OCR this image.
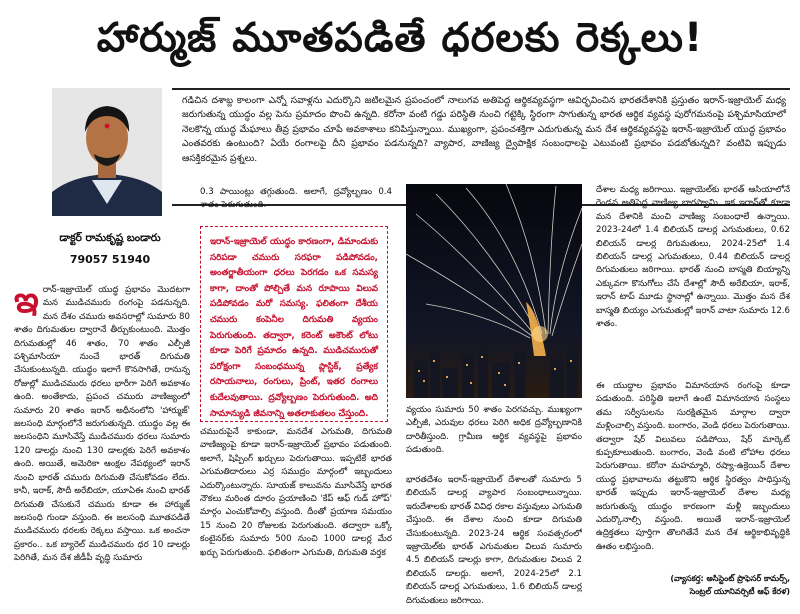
హార్ముజ్ మూతపడితే ధరలకు రెక్కలు!
డాక్టర్ రామకృష్ణ బండారు
79057 51940
గడిచిన దశాబ్ద కాలంగా ఎన్నో సవాళ్లను ఎదుర్కొని జటిలమైన ప్రపంచంలో నాలుగవ అతిపెద్ద ఆర్థికవ్యవస్థగా ఆవిర్భవించిన భారతదేశానికి ప్రస్తుతం ఇరాన్-ఇజ్రాయెల్ మధ్య జరుగుతున్న యుద్ధం వల్ల పెను ప్రమాదం పొంచి ఉన్నది. కరోనా వంటి గడ్డు పరిస్థితి నుంచి గట్టెక్కి స్థిరంగా సాగుతున్న భారత ఆర్థిక వ్యవస్థ పురోగమనంపై పశ్చిమాసియాలో నెలకొన్న యుద్ధ మేఘాలు తీవ్ర ప్రభావం చూపే అవకాశాలు కనిపిస్తున్నాయి. ముఖ్యంగా, ప్రపంచశక్తిగా ఎదుగుతున్న మన దేశ ఆర్థికవ్యవస్థపై ఇరాన్-ఇజ్రాయెల్ యుద్ధ ప్రభావం ఎంతవరకు ఉంటుంది? ఏయే రంగాలపై దీని ప్రభావం పడనున్నది? వ్యాపార, వాణిజ్య ద్వైపాక్షిక సంబంధాలపై ఎటువంటి ప్రభావం పడబోతున్నది? వంటివి ఇప్పుడు ఆసక్తికరమైన ప్రశ్నలు.
ఇ రాన్-ఇజ్రాయెల్ యుద్ధ ప్రభావం మొదటగా మన ముడిచమురు రంగంపై పడనున్నది. మన దేశం చమురు అవసరాల్లో సుమారు 80 శాతం దిగుమతుల ద్వారానే తీర్చుకుంటుంది. మొత్తం దిగుమతుల్లో 46 శాతం, 70 శాతం ఎల్పీజీ పశ్చిమాసియా నుంచే భారత్ దిగుమతి చేసుకుంటున్నది. యుద్ధం ఇలాగే కొనసాగితే, రానున్న రోజుల్లో ముడిచమురు ధరలు భారీగా పెరిగే అవకాశం ఉంది. అంతేకాదు, ప్రపంచ చమురు వాణిజ్యంలో సుమారు 20 శాతం ఇరాన్ అధీనంలోని 'హార్ముజ్' జలసంధి మార్గంలోనే జరుగుతున్నది. యుద్ధం వల్ల ఈ జలసంధిని మూసివేస్తే ముడిచమురు ధరలు సుమారు 120 డాలర్లు నుంచి 130 డాలర్లకు పెరిగే అవకాశం ఉంది. అయితే, అమెరికా ఆంక్షల నేపథ్యంలో ఇరాన్ నుంచి భారత్ చమురు దిగుమతి చేసుకోవడం లేదు. కానీ, ఇరాక్, సౌదీ అరేబియా, యూఏఈ నుంచి భారత్ దిగుమతి చేసుకునే చమురు కూడా ఈ హార్ముజ్ జలసంధి గుండా వస్తుంది. ఈ జలసంధి మూతపడితే ముడిచమురు ధరలకు రెక్కలు వస్తాయి. ఒక అంచనా ప్రకారం.. ఒక బ్యారెల్ ముడిచమురు ధర 10 డాలర్లు పెరిగితే, మన దేశ జీడీపీ వృద్ధి సుమారు
0.3 పాయింట్లు తగ్గుతుంది. అలాగే, ద్రవ్యోల్బణం 0.4 శాతం పెరుగుతుంది.
ఇరాన్-ఇజ్రాయెల్ యుద్ధం కారణంగా, డిమాండుకు సరిపడా చమురు సరఫరా పడిపోవడం, అంతర్జాతీయంగా ధరలు పెరగడం ఒక సమస్య కాగా, దాంతో పోల్చితే మన రూపాయి విలువ పడిపోవడం మరో సమస్య. ఫలితంగా దేశీయ చమురు కంపెనీల దిగుమతి వ్యయం పెరుగుతుంది. తద్వారా, కరెంట్ అకౌంట్ లోటు కూడా పెరిగే ప్రమాదం ఉన్నది. ముడిచమురుతో పరోక్షంగా సంబంధమున్న ప్లాస్టిక్, ప్రత్యేక రసాయనాలు, రంగులు, ప్రింట్, ఇతర రంగాలు కుదేలవుతాయి. ద్రవ్యోల్బణం పెరుగుతుంది. అది సామాన్యుడి జీవనాన్ని అతలాకుతలం చేస్తుంది.
చమురుపైనే కాకుండా, మనదేశ ఎగుమతి, దిగుమతి వాణిజ్యంపై కూడా ఇరాన్-ఇజ్రాయెల్ ప్రభావం పడుతుంది. అలాగే, షిప్పింగ్ ఖర్చులు పెరుగుతాయి. ఇప్పటికే భారత ఎగుమతిదారులు ఎర్ర సముద్రం మార్గంలో ఇబ్బందులు ఎదుర్కొంటున్నారు. సూయజ్ కాలువను మూసివేస్తే భారత నౌకలు మరింత దూరం ప్రయాణించి 'కేప్ ఆఫ్ గుడ్ హోప్' మార్గం ఎంచుకోవాల్సి వస్తుంది. దీంతో ప్రయాణ సమయం 15 నుంచి 20 రోజులకు పెరుగుతుంది. తద్వారా ఒక్కో కంటైనర్‌కు సుమారు 500 నుంచి 1000 డాలర్ల మేర ఖర్చు పెరుగుతుంది. ఫలితంగా ఎగుమతి, దిగుమతి వర్తక
వ్యయం సుమారు 50 శాతం పెరగవచ్చు. ముఖ్యంగా ఎల్పీజీ, ఎరువుల ధరలు పెరిగి అధిక ద్రవ్యోల్బణానికి దారితీస్తుంది. గ్రామీణ ఆర్థిక వ్యవస్థపై ప్రభావం పడుతుంది.
భారతదేశం ఇరాన్-ఇజ్రాయెల్ దేశాలతో సుమారు 5 బిలియన్ డాలర్ల వ్యాపార సంబంధాలున్నాయి. ఇరుదేశాలకు భారత్ వివిధ రకాల వస్తువులు ఎగుమతి చేస్తుంది. ఈ దేశాల నుంచి కూడా దిగుమతి చేసుకుంటున్నది. 2023-24 ఆర్థిక సంవత్సరంలో ఇజ్రాయెల్‌కు భారత్ ఎగుమతుల విలువ సుమారు 4.5 బిలియన్ డాలర్లు కాగా, దిగుమతుల విలువ 2 బిలియన్ డాలర్లు. అలాగే, 2024-25లో 2.1 బిలియన్ డాలర్ల ఎగుమతులు, 1.6 బిలియన్ డాలర్ల దిగుమతులు జరిగాయి.
దేశాల మధ్య జరిగాయి. ఇజ్రాయెల్‌కు భారత్ ఆసియాలోనే రెండవ అతిపెద్ద వాణిజ్య భాగస్వామి. ఇక ఇరాన్‌తో కూడా మన దేశానికి మంచి వాణిజ్య సంబంధాలే ఉన్నాయి. 2023-24లో 1.4 బిలియన్ డాలర్ల ఎగుమతులు, 0.62 బిలియన్ డాలర్ల దిగుమతులు, 2024-25లో 1.4 బిలియన్ డాలర్ల ఎగుమతులు, 0.44 బిలియన్ డాలర్ల దిగుమతులు జరిగాయి. భారత్ నుంచి బాస్మతి బియ్యాన్ని ఎక్కువగా కొనుగోలు చేసే దేశాల్లో సౌదీ అరేబియా, ఇరాక్, ఇరాన్ టాప్ మూడు స్థానాల్లో ఉన్నాయి. మొత్తం మన దేశ బాస్మతి బియ్యం ఎగుమతుల్లో ఇరాన్ వాటా సుమారు 12.6 శాతం.
ఈ యుద్ధాల ప్రభావం విమానయాన రంగంపై కూడా పడుతుంది. పరిస్థితి ఇలాగే ఉంటే విమానయాన సంస్థలు తమ సర్వీసులను సురక్షితమైన మార్గాల ద్వారా మళ్లించాల్సి వస్తుంది. బంగారం, వెండి ధరలు పెరుగుతాయి. తద్వారా షేర్ విలువలు పడిపోయి, షేర్ మార్కెట్ కుప్పకూలుతుంది. బంగారం, వెండి వంటి లోహాల ధరలు పెరుగుతాయి. కరోనా మహమ్మారి, రష్యా-ఉక్రెయిన్ దేశాల యుద్ధ ప్రభావాలను తట్టుకొని ఆర్థిక స్థిరత్వం సాధిస్తున్న భారత్ ఇప్పుడు ఇరాన్-ఇజ్రాయెల్ దేశాల మధ్య జరుగుతున్న యుద్ధం కారణంగా మళ్లీ ఇబ్బందులు ఎదుర్కొనాల్సి వస్తుంది. అయితే ఇరాన్-ఇజ్రాయెల్ ఉద్రిక్తతలు పూర్తిగా తొలగితేనే మన దేశ ఆర్థికాభివృద్ధికి ఊతం లభిస్తుంది.
(వ్యాసకర్త: అసిస్టెంట్ ప్రొఫెసర్ కామర్స్,
సెంట్రల్ యూనివర్సిటీ ఆఫ్ కేరళ)
